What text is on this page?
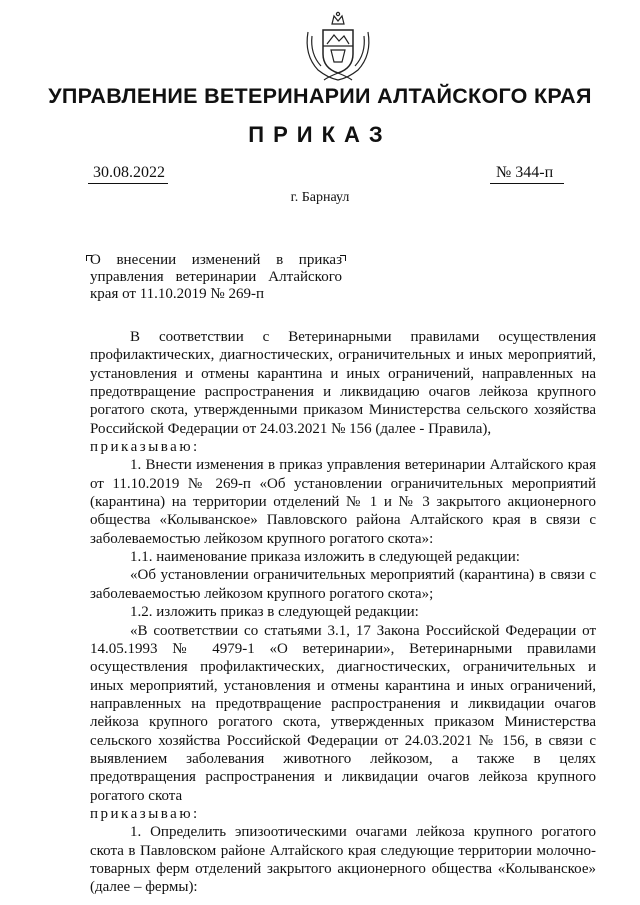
УПРАВЛЕНИЕ ВЕТЕРИНАРИИ АЛТАЙСКОГО КРАЯ
ПРИКАЗ
30.08.2022	№ 344-п
г. Барнаул
О внесении изменений в приказ
управления ветеринарии Алтайского
края от 11.10.2019 № 269-п

В соответствии с Ветеринарными правилами осуществления профилактических, диагностических, ограничительных и иных мероприятий, установления и отмены карантина и иных ограничений, направленных на предотвращение распространения и ликвидацию очагов лейкоза крупного рогатого скота, утвержденными приказом Министерства сельского хозяйства Российской Федерации от 24.03.2021 № 156 (далее - Правила),
приказываю:

1. Внести изменения в приказ управления ветеринарии Алтайского края от 11.10.2019 № 269-п «Об установлении ограничительных мероприятий (карантина) на территории отделений № 1 и № 3 закрытого акционерного общества «Колыванское» Павловского района Алтайского края в связи с заболеваемостью лейкозом крупного рогатого скота»:

1.1. наименование приказа изложить в следующей редакции:

«Об установлении ограничительных мероприятий (карантина) в связи с заболеваемостью лейкозом крупного рогатого скота»;

1.2. изложить приказ в следующей редакции:

«В соответствии со статьями 3.1, 17 Закона Российской Федерации от 14.05.1993 № 4979-1 «О ветеринарии», Ветеринарными правилами осуществления профилактических, диагностических, ограничительных и иных мероприятий, установления и отмены карантина и иных ограничений, направленных на предотвращение распространения и ликвидации очагов лейкоза крупного рогатого скота, утвержденных приказом Министерства сельского хозяйства Российской Федерации от 24.03.2021 № 156, в связи с выявлением заболевания животного лейкозом, а также в целях предотвращения распространения и ликвидации очагов лейкоза крупного рогатого скота
приказываю:

1. Определить эпизоотическими очагами лейкоза крупного рогатого скота в Павловском районе Алтайского края следующие территории молочно-товарных ферм отделений закрытого акционерного общества «Колыванское» (далее – фермы):
